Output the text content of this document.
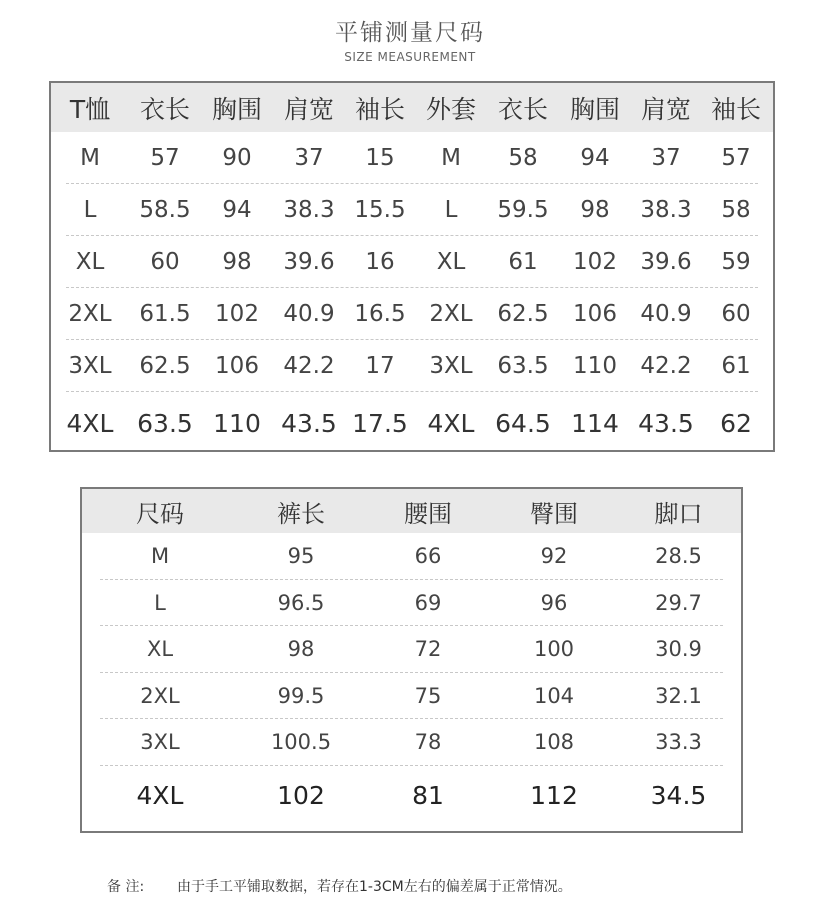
平铺测量尺码
SIZE MEASUREMENT
T恤	衣长 胸围 肩宽 袖长 外套 衣长 胸围 肩宽 袖长
M	57	90	37	15	M	58	94	37	57
L	58.5	94	38.3 15.5	L	59.5	98	38.3	58
XL	60	98	39.6	16	XL	61	102	39.6	59
2XL	61.5	102	40.9 16.5	2XL	62.5	106	40.9	60
3XL	62.5	106	42.2	17	3XL	63.5	110	42.2	61
4XL 63.5 110 43.5 17.5 4XL 64.5 114 43.5	62
尺码	裤长	腰围	臀围	脚口
M	95	66	92	28.5
L	96.5	69	96	29.7
XL	98	72	100	30.9
2XL	99.5	75	104	32.1
3XL	100.5	78	108	33.3
4XL	102	81	112	34.5
备 注: 由于手工平铺取数据，若存在1-3CM左右的偏差属于正常情况。
